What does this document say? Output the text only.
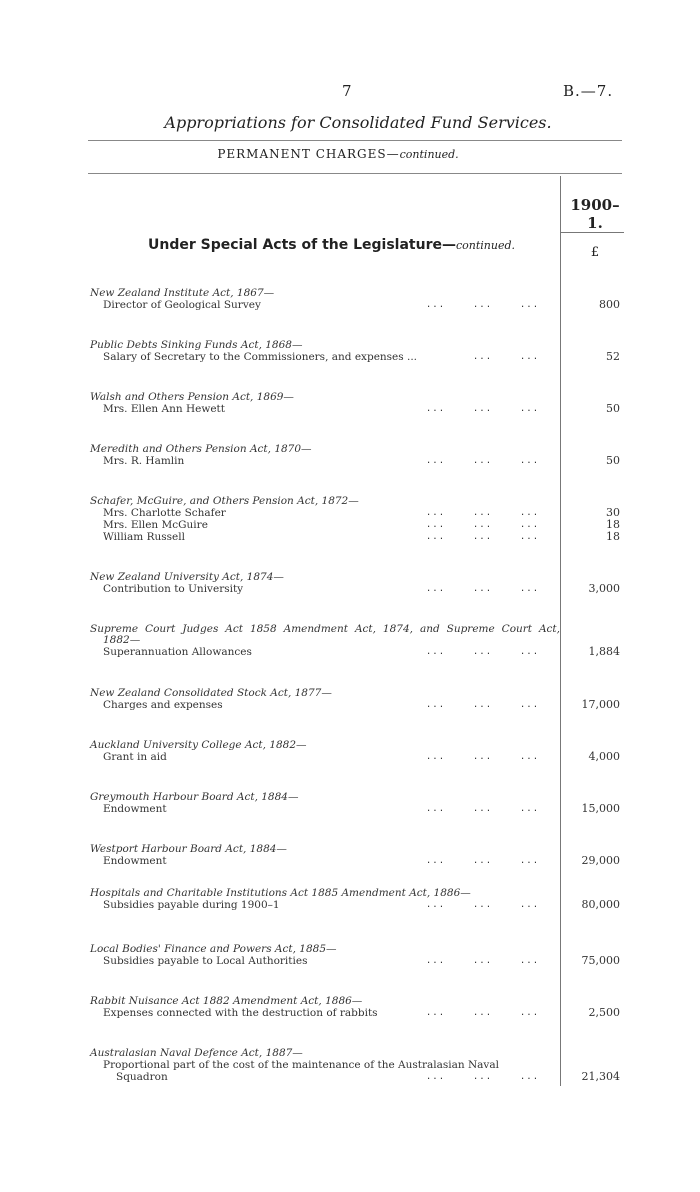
7	B.—7.
Appropriations for Consolidated Fund Services.
PERMANENT CHARGES—continued.
1900–1.
£
Under Special Acts of the Legislature—continued.
New Zealand Institute Act, 1867—
Director of Geological Survey	...	...	...	800
Public Debts Sinking Funds Act, 1868—
Salary of Secretary to the Commissioners, and expenses ...	...	...	52
Walsh and Others Pension Act, 1869—
Mrs. Ellen Ann Hewett	...	...	...	50
Meredith and Others Pension Act, 1870—
Mrs. R. Hamlin	...	...	...	50
Schafer, McGuire, and Others Pension Act, 1872—
Mrs. Charlotte Schafer	...	...	...	30
Mrs. Ellen McGuire	...	...	...	18
William Russell	...	...	...	18
New Zealand University Act, 1874—
Contribution to University	...	...	...	3,000
Supreme Court Judges Act 1858 Amendment Act, 1874, and Supreme Court Act,
1882—
Superannuation Allowances	...	...	...	1,884
New Zealand Consolidated Stock Act, 1877—
Charges and expenses	...	...	...	17,000
Auckland University College Act, 1882—
Grant in aid	...	...	...	4,000
Greymouth Harbour Board Act, 1884—
Endowment	...	...	...	15,000
Westport Harbour Board Act, 1884—
Endowment	...	...	...	29,000
Hospitals and Charitable Institutions Act 1885 Amendment Act, 1886—
Subsidies payable during 1900–1	...	...	...	80,000
Local Bodies' Finance and Powers Act, 1885—
Subsidies payable to Local Authorities	...	...	...	75,000
Rabbit Nuisance Act 1882 Amendment Act, 1886—
Expenses connected with the destruction of rabbits	...	...	...	2,500
Australasian Naval Defence Act, 1887—
Proportional part of the cost of the maintenance of the Australasian Naval
Squadron	...	...	...	21,304
